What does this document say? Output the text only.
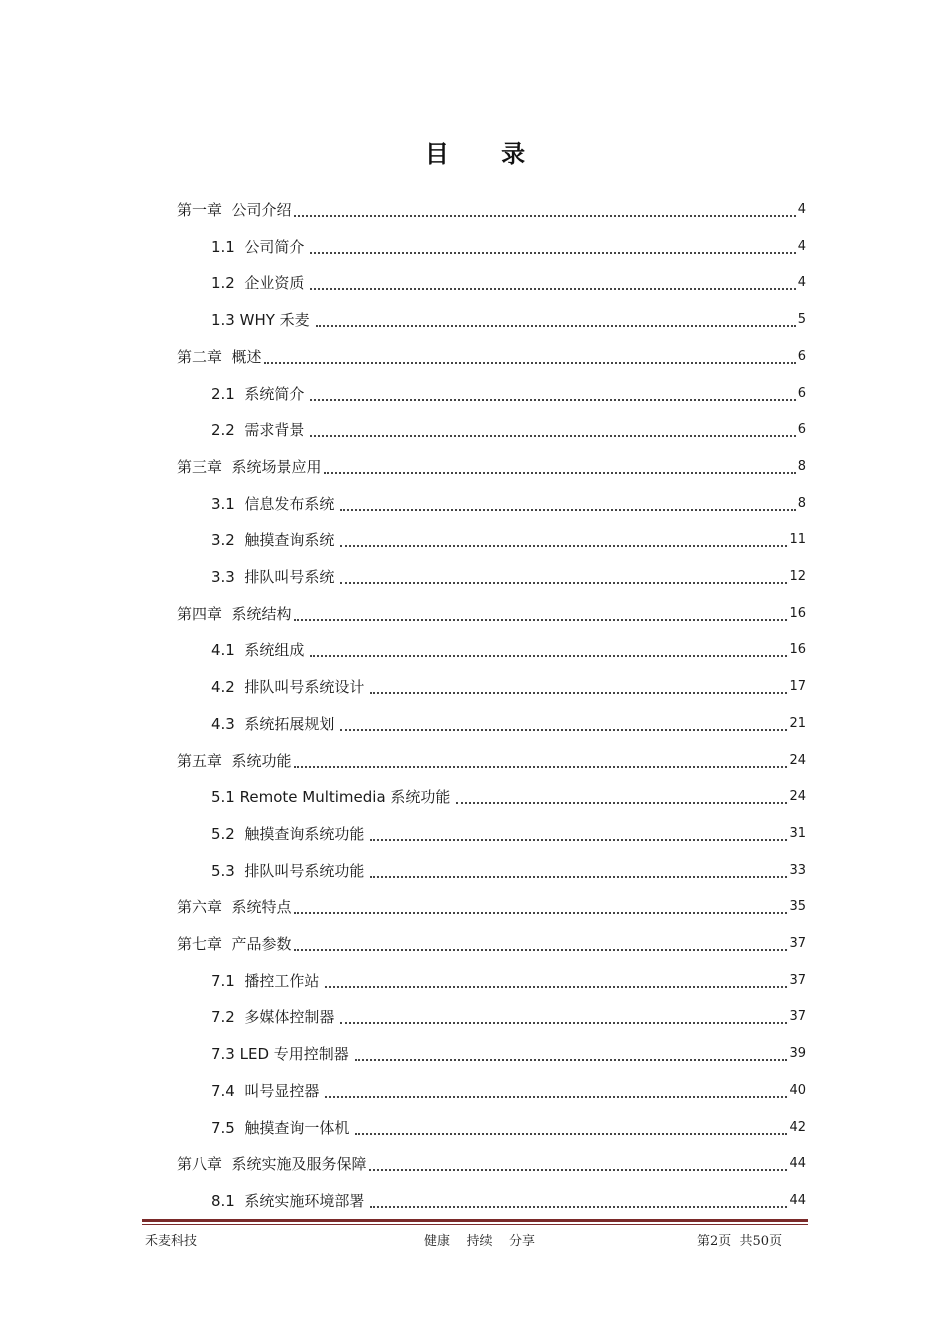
目 录
第一章  公司介绍	4
1.1  公司简介	4
1.2  企业资质	4
1.3 WHY 禾麦	5
第二章  概述	6
2.1  系统简介	6
2.2  需求背景	6
第三章  系统场景应用	8
3.1  信息发布系统	8
3.2  触摸查询系统	11
3.3  排队叫号系统	12
第四章  系统结构	16
4.1  系统组成	16
4.2  排队叫号系统设计	17
4.3  系统拓展规划	21
第五章  系统功能	24
5.1 Remote Multimedia 系统功能	24
5.2  触摸查询系统功能	31
5.3  排队叫号系统功能	33
第六章  系统特点	35
第七章  产品参数	37
7.1  播控工作站	37
7.2  多媒体控制器	37
7.3 LED 专用控制器	39
7.4  叫号显控器	40
7.5  触摸查询一体机	42
第八章  系统实施及服务保障	44
8.1  系统实施环境部署	44
禾麦科技	健康    持续    分享	第2页  共50页
